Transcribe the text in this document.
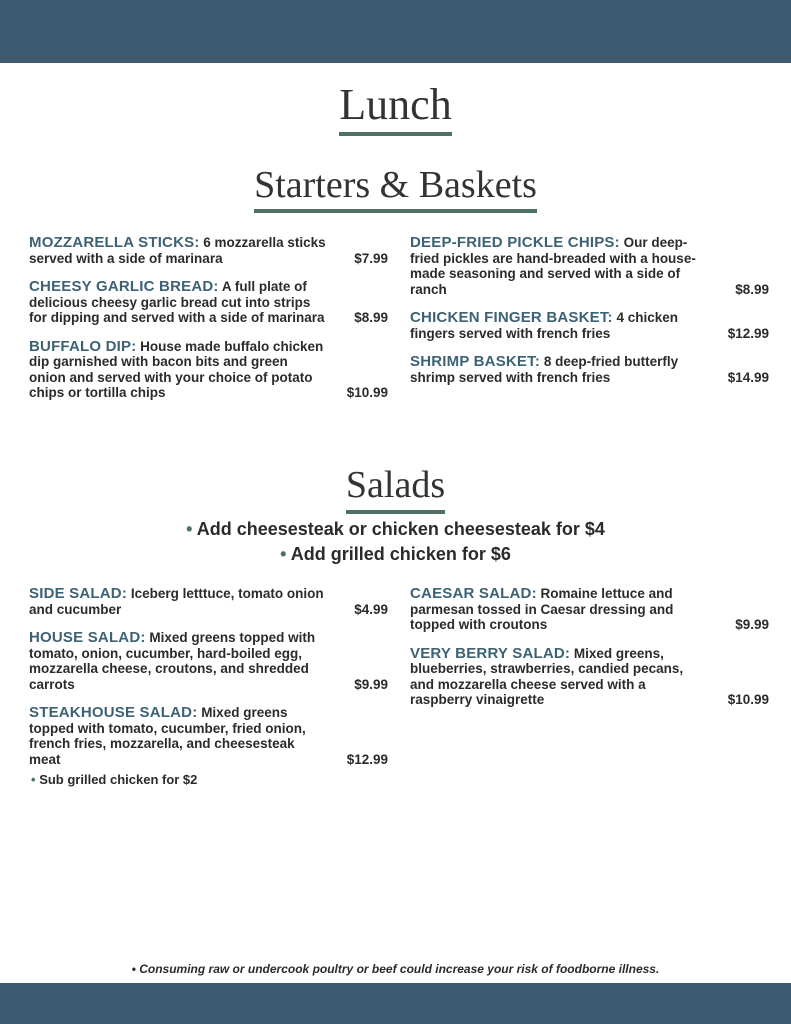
Lunch
Starters & Baskets
MOZZARELLA STICKS: 6 mozzarella sticks served with a side of marinara	$7.99
CHEESY GARLIC BREAD: A full plate of delicious cheesy garlic bread cut into strips for dipping and served with a side of marinara	$8.99
BUFFALO DIP: House made buffalo chicken dip garnished with bacon bits and green onion and served with your choice of potato chips or tortilla chips	$10.99
DEEP-FRIED PICKLE CHIPS: Our deep-fried pickles are hand-breaded with a house-made seasoning and served with a side of ranch	$8.99
CHICKEN FINGER BASKET: 4 chicken fingers served with french fries	$12.99
SHRIMP BASKET: 8 deep-fried butterfly shrimp served with french fries	$14.99
Salads
• Add cheesesteak or chicken cheesesteak for $4
• Add grilled chicken for $6
SIDE SALAD: Iceberg letttuce, tomato onion and cucumber	$4.99
HOUSE SALAD: Mixed greens topped with tomato, onion, cucumber, hard-boiled egg, mozzarella cheese, croutons, and shredded carrots	$9.99
STEAKHOUSE SALAD: Mixed greens topped with tomato, cucumber, fried onion, french fries, mozzarella, and cheesesteak meat	$12.99
• Sub grilled chicken for $2
CAESAR SALAD: Romaine lettuce and parmesan tossed in Caesar dressing and topped with croutons	$9.99
VERY BERRY SALAD: Mixed greens, blueberries, strawberries, candied pecans, and mozzarella cheese served with a raspberry vinaigrette	$10.99
• Consuming raw or undercook poultry or beef could increase your risk of foodborne illness.
